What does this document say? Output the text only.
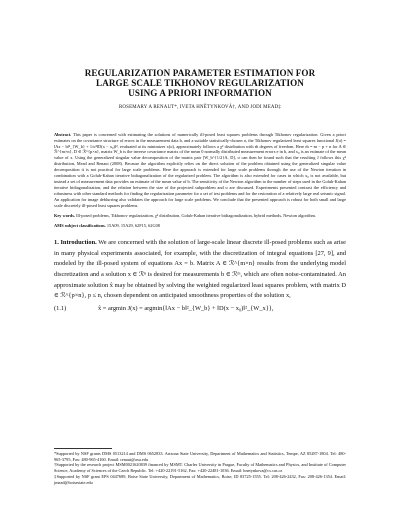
REGULARIZATION PARAMETER ESTIMATION FOR
LARGE SCALE TIKHONOV REGULARIZATION
USING A PRIORI INFORMATION
ROSEMARY A RENAUT*, IVETA HNĚTYNKOVÁ†, AND JODI MEAD‡
Abstract. This paper is concerned with estimating the solutions of numerically ill-posed least squares problems through Tikhonov regularization. Given a priori estimates on the covariance structure of errors in the measurement data b, and a suitable statistically-chosen σ, the Tikhonov regularized least squares functional J(σ) = ‖Ax − b‖²_{W_b} + 1/σ²‖D(x − x₀)‖², evaluated at its minimizer x(σ), approximately follows a χ² distribution with m̃ degrees of freedom. Here m̃ = m − p + n for A ∈ ℛ^{m×n}, D ∈ ℛ^{p×n}, matrix W_b is the inverse covariance matrix of the mean 0 normally distributed measurement errors e in b, and x₀ is an estimate of the mean value of x. Using the generalized singular value decomposition of the matrix pair [W_b^{1/2}A, D], σ can then be found such that the resulting J follows this χ² distribution, Mead and Renaut (2008). Because the algorithm explicitly relies on the direct solution of the problem obtained using the generalized singular value decomposition it is not practical for large scale problems. Here the approach is extended for large scale problems through the use of the Newton iteration in combination with a Golub-Kahan iterative bidiagonalization of the regularized problem. The algorithm is also extended for cases in which x₀ is not available, but instead a set of measurement data provides an estimate of the mean value of b. The sensitivity of the Newton algorithm to the number of steps used in the Golub-Kahan iterative bidiagonalization, and the relation between the size of the projected subproblem and σ are discussed. Experiments presented contrast the efficiency and robustness with other standard methods for finding the regularization parameter for a set of test problems and for the restoration of a relatively large real seismic signal. An application for image deblurring also validates the approach for large scale problems. We conclude that the presented approach is robust for both small and large scale discretely ill-posed least squares problems.
Key words. Ill-posed problems, Tikhonov regularization, χ² distribution, Golub-Kahan iterative bidiagonalization, hybrid methods, Newton algorithm.
AMS subject classifications. 15A09, 15A29, 62F15, 62G08
1. Introduction. We are concerned with the solution of large-scale linear discrete ill-posed problems such as arise in many physical experiments associated, for example, with the discretization of integral equations [27, 9], and modeled by the ill-posed system of equations Ax = b. Matrix A ∈ ℛ^{m×n} results from the underlying model discretization and a solution x ∈ ℛⁿ is desired for measurements b ∈ ℛᵐ, which are often noise-contaminated. An approximate solution x̂ may be obtained by solving the weighted regularized least squares problem, with matrix D ∈ ℛ^{p×n}, p ≤ n, chosen dependent on anticipated smoothness properties of the solution x,
(1.1)	x̂ = argmin J(x) = argmin{‖Ax − b‖²_{W_b} + ‖D(x − x₀)‖²_{W_x}},
*Supported by NSF grants DMS 0513214 and DMS 0652833. Arizona State University, Department of Mathematics and Statistics, Tempe, AZ 85287-1804. Tel: 480-965-3795, Fax: 480-965-4160. Email: renaut@asu.edu
†Supported by the research project MSM0021620839 financed by MSMT. Charles University in Prague, Faculty of Mathematics and Physics, and Institute of Computer Science, Academy of Sciences of the Czech Republic. Tel: +420-22191-5162, Fax: +420-22481-1036. Email: hnetynkova@cs.cas.cz
‡Supported by NSF grant EPS 0447689, Boise State University, Department of Mathematics, Boise, ID 83725-1555. Tel: 208-426-2432, Fax: 208-426-1354. Email: jmead@boisestate.edu
